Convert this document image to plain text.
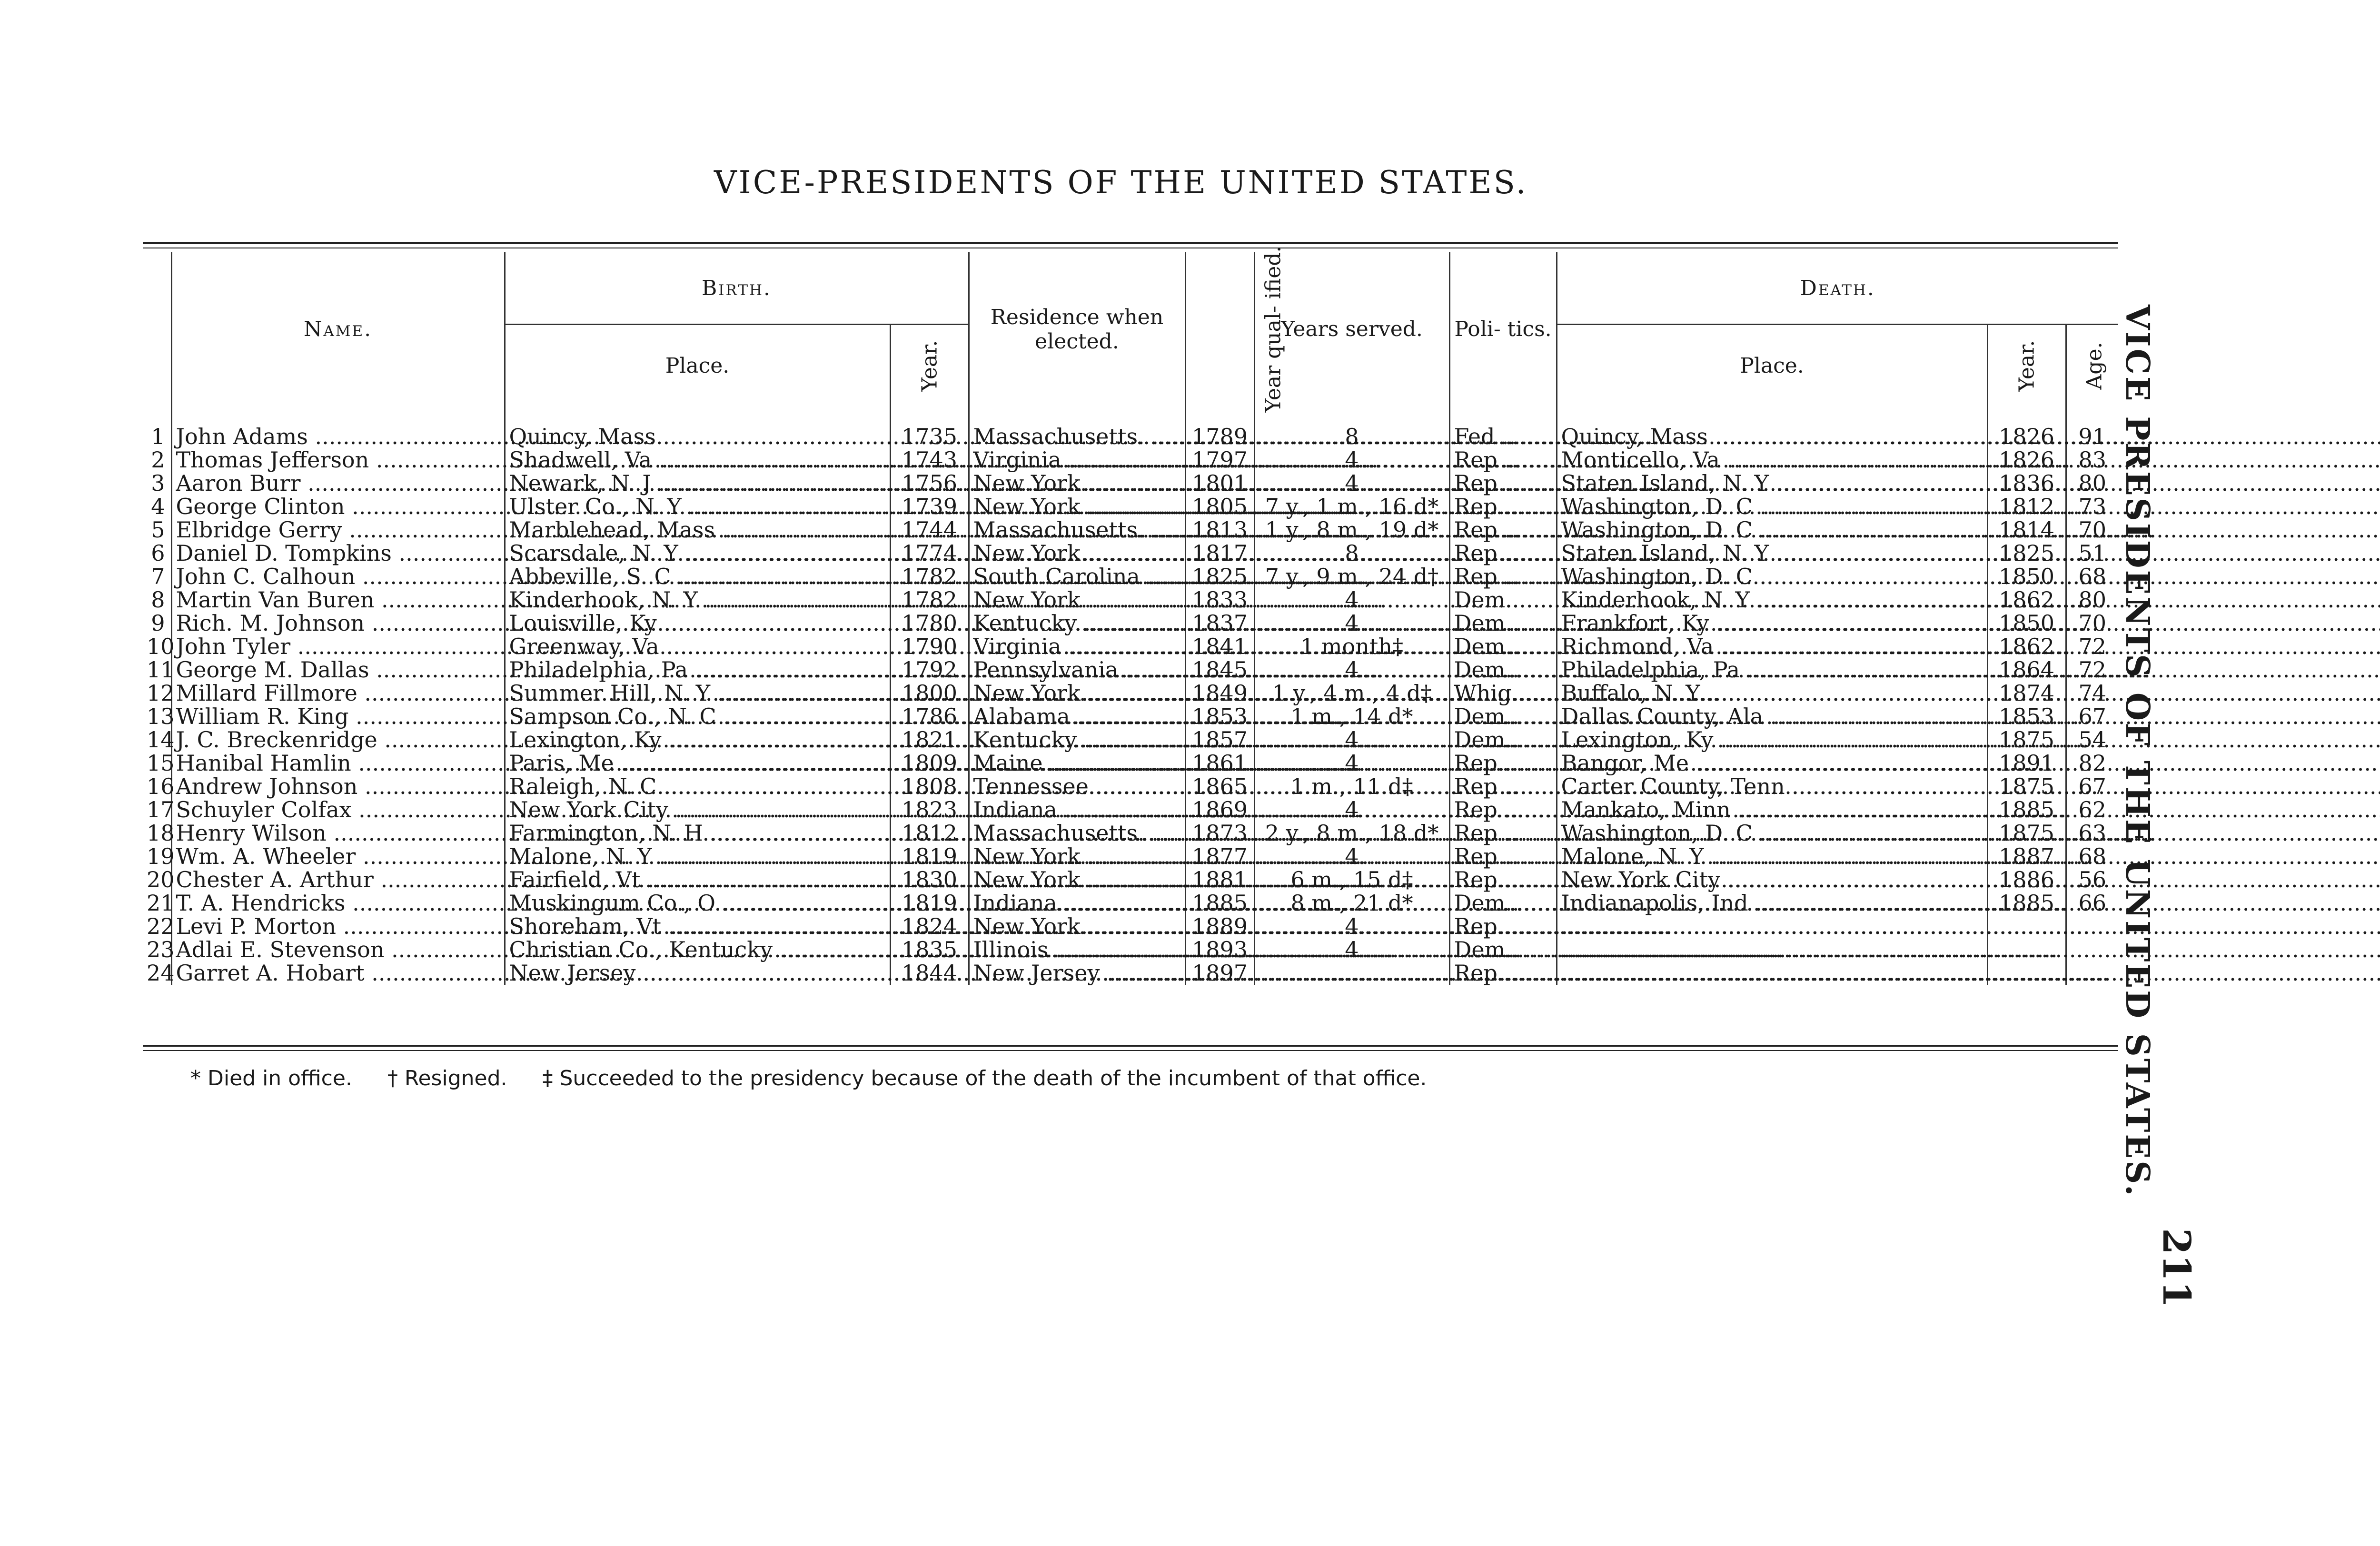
VICE-PRESIDENTS OF THE UNITED STATES.
VICE PRESIDENTS OF THE UNITED STATES.
211
	Name.	Birth.		Residence when elected.	Year qual- ified.	Years served.	Poli- tics.	Death.		
		Place.	Year.					Place.	Year.	Age.
1	John Adams .....	Quincy, Mass .....	1735	Massachusetts. .....	1789	8	Fed ..	Quincy, Mass .....	1826	91
2	Thomas Jefferson .....	Shadwell, Va .....	1743	Virginia .....	1797	4	Rep ..	Monticello, Va .....	1826	83
3	Aaron Burr .....	Newark, N. J .....	1756	New York .....	1801	4	Rep ..	Staten Island, N. Y .....	1836	80
4	George Clinton .....	Ulster Co., N. Y .....	1739	New York .....	1805	7 y., 1 m., 16 d*	Rep ..	Washington, D. C .....	1812	73
5	Elbridge Gerry .....	Marblehead, Mass .....	1744	Massachusetts. .....	1813	1 y., 8 m., 19 d*	Rep ..	Washington, D. C .....	1814	70
6	Daniel D. Tompkins .....	Scarsdale, N. Y .....	1774	New York .....	1817	8	Rep ..	Staten Island, N. Y .....	1825	51
7	John C. Calhoun .....	Abbeville, S. C .....	1782	South Carolina .....	1825	7 y., 9 m., 24 d†	Rep ..	Washington, D. C .....	1850	68
8	Martin Van Buren .....	Kinderhook, N. Y .....	1782	New York .....	1833	4	Dem..	Kinderhook, N. Y .....	1862	80
9	Rich. M. Johnson .....	Louisville, Ky .....	1780	Kentucky .....	1837	4	Dem..	Frankfort, Ky .....	1850	70
10	John Tyler .....	Greenway, Va .....	1790	Virginia .....	1841	1 month‡	Dem..	Richmond, Va .....	1862	72
11	George M. Dallas .....	Philadelphia, Pa .....	1792	Pennsylvania .. .....	1845	4	Dem..	Philadelphia, Pa .....	1864	72
12	Millard Fillmore .....	Summer Hill, N. Y .....	1800	New York .....	1849	1 y., 4 m., 4 d‡	Whig.	Buffalo, N. Y .....	1874	74
13	William R. King .....	Sampson Co., N. C .....	1786	Alabama .....	1853	1 m., 14 d*	Dem..	Dallas County, Ala .....	1853	67
14	J. C. Breckenridge .....	Lexington, Ky .....	1821	Kentucky .....	1857	4	Dem..	Lexington, Ky .....	1875	54
15	Hanibal Hamlin .....	Paris, Me .....	1809	Maine .....	1861	4	Rep..	Bangor, Me .....	1891	82
16	Andrew Johnson .....	Raleigh, N. C .....	1808	Tennessee .....	1865	1 m., 11 d‡	Rep ..	Carter County, Tenn .....	1875	67
17	Schuyler Colfax .....	New York City .....	1823	Indiana .....	1869	4	Rep ..	Mankato, Minn .....	1885	62
18	Henry Wilson .....	Farmington, N. H .....	1812	Massachusetts. .....	1873	2 y., 8 m., 18 d*	Rep ..	Washington, D. C .....	1875	63
19	Wm. A. Wheeler .....	Malone, N. Y .....	1819	New York .....	1877	4	Rep ..	Malone, N. Y .....	1887	68
20	Chester A. Arthur .....	Fairfield, Vt .....	1830	New York .....	1881	6 m., 15 d‡	Rep ..	New York City .....	1886	56
21	T. A. Hendricks .....	Muskingum Co., O .....	1819	Indiana .....	1885	8 m., 21 d*	Dem..	Indianapolis, Ind .....	1885	66
22	Levi P. Morton .....	Shoreham, Vt .....	1824	New York .....	1889	4	Rep ..	.....		
23	Adlai E. Stevenson .....	Christian Co., Kentucky .....	1835	Illinois .....	1893	4	Dem..	.....		
24	Garret A. Hobart .....	New Jersey .....	1844	New Jersey .....	1897		Rep ..	.....		
* Died in office. † Resigned. ‡ Succeeded to the presidency because of the death of the incumbent of that office.
